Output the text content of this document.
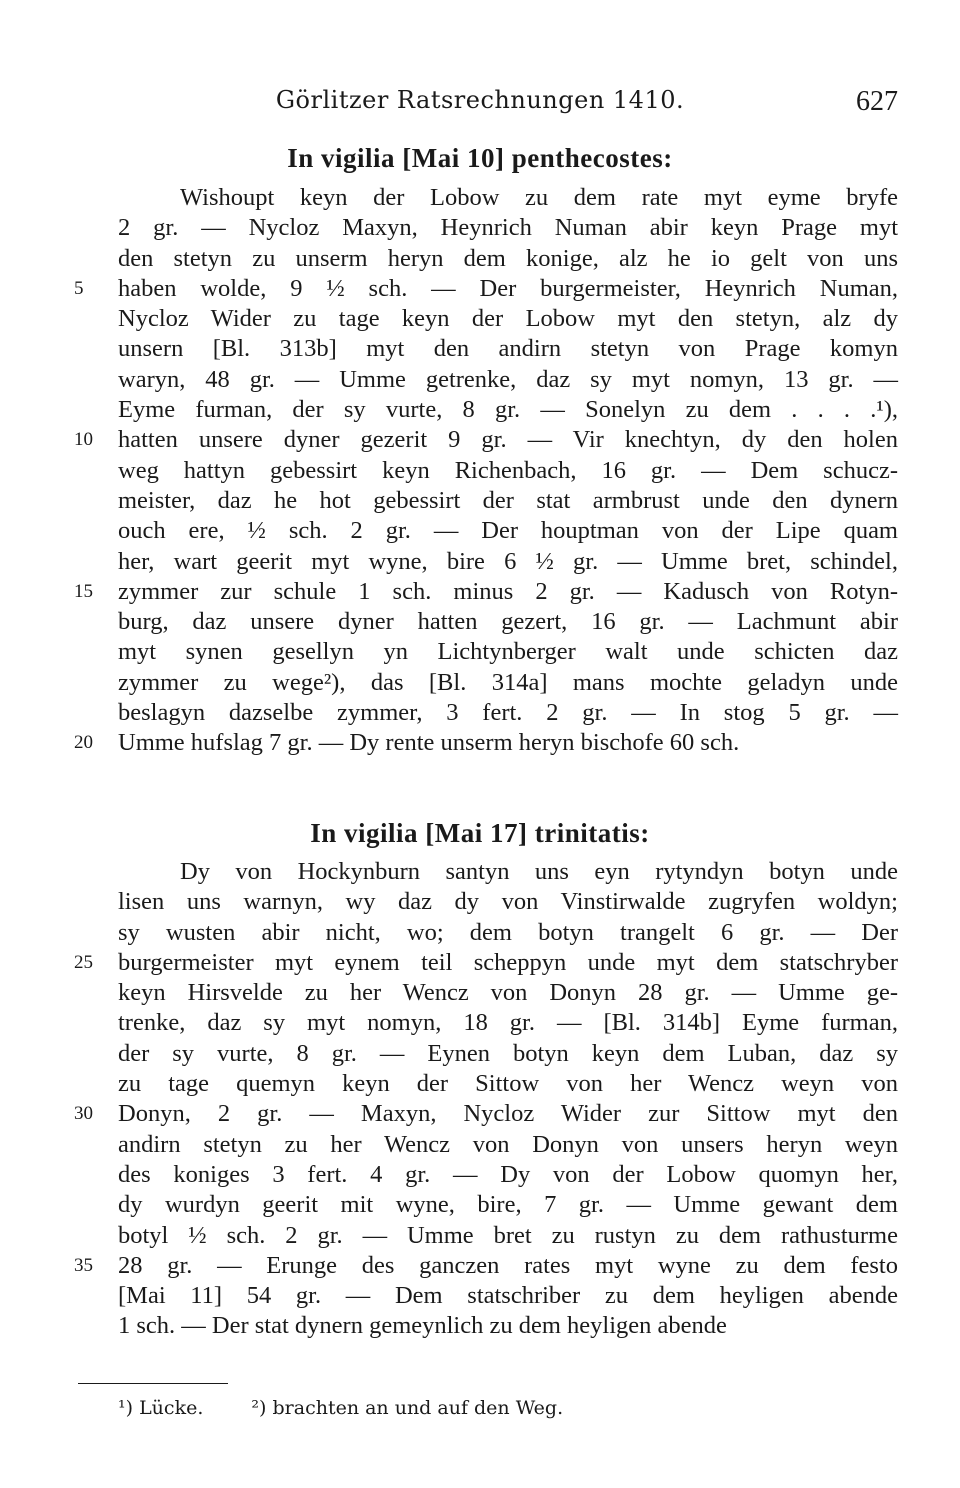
Görlitzer Ratsrechnungen 1410.	627
In vigilia [Mai 10] penthecostes:
Wishoupt keyn der Lobow zu dem rate myt eyme bryfe
2 gr. — Nycloz Maxyn, Heynrich Numan abir keyn Prage myt
den stetyn zu unserm heryn dem konige, alz he io gelt von uns
5	haben wolde, 9 ½ sch. — Der burgermeister, Heynrich Numan,
Nycloz Wider zu tage keyn der Lobow myt den stetyn, alz dy
unsern [Bl. 313b] myt den andirn stetyn von Prage komyn
waryn, 48 gr. — Umme getrenke, daz sy myt nomyn, 13 gr. —
Eyme furman, der sy vurte, 8 gr. — Sonelyn zu dem . . . .¹),
10	hatten unsere dyner gezerit 9 gr. — Vir knechtyn, dy den holen
weg hattyn gebessirt keyn Richenbach, 16 gr. — Dem schucz-
meister, daz he hot gebessirt der stat armbrust unde den dynern
ouch ere, ½ sch. 2 gr. — Der houptman von der Lipe quam
her, wart geerit myt wyne, bire 6 ½ gr. — Umme bret, schindel,
15	zymmer zur schule 1 sch. minus 2 gr. — Kadusch von Rotyn-
burg, daz unsere dyner hatten gezert, 16 gr. — Lachmunt abir
myt synen gesellyn yn Lichtynberger walt unde schicten daz
zymmer zu wege²), das [Bl. 314a] mans mochte geladyn unde
beslagyn dazselbe zymmer, 3 fert. 2 gr. — In stog 5 gr. —
20	Umme hufslag 7 gr. — Dy rente unserm heryn bischofe 60 sch.
In vigilia [Mai 17] trinitatis:
Dy von Hockynburn santyn uns eyn rytyndyn botyn unde
lisen uns warnyn, wy daz dy von Vinstirwalde zugryfen woldyn;
sy wusten abir nicht, wo; dem botyn trangelt 6 gr. — Der
25	burgermeister myt eynem teil scheppyn unde myt dem statschryber
keyn Hirsvelde zu her Wencz von Donyn 28 gr. — Umme ge-
trenke, daz sy myt nomyn, 18 gr. — [Bl. 314b] Eyme furman,
der sy vurte, 8 gr. — Eynen botyn keyn dem Luban, daz sy
zu tage quemyn keyn der Sittow von her Wencz weyn von
30	Donyn, 2 gr. — Maxyn, Nycloz Wider zur Sittow myt den
andirn stetyn zu her Wencz von Donyn von unsers heryn weyn
des koniges 3 fert. 4 gr. — Dy von der Lobow quomyn her,
dy wurdyn geerit mit wyne, bire, 7 gr. — Umme gewant dem
botyl ½ sch. 2 gr. — Umme bret zu rustyn zu dem rathusturme
35	28 gr. — Erunge des ganczen rates myt wyne zu dem festo
[Mai 11] 54 gr. — Dem statschriber zu dem heyligen abende
1 sch. — Der stat dynern gemeynlich zu dem heyligen abende
¹) Lücke.	²) brachten an und auf den Weg.
